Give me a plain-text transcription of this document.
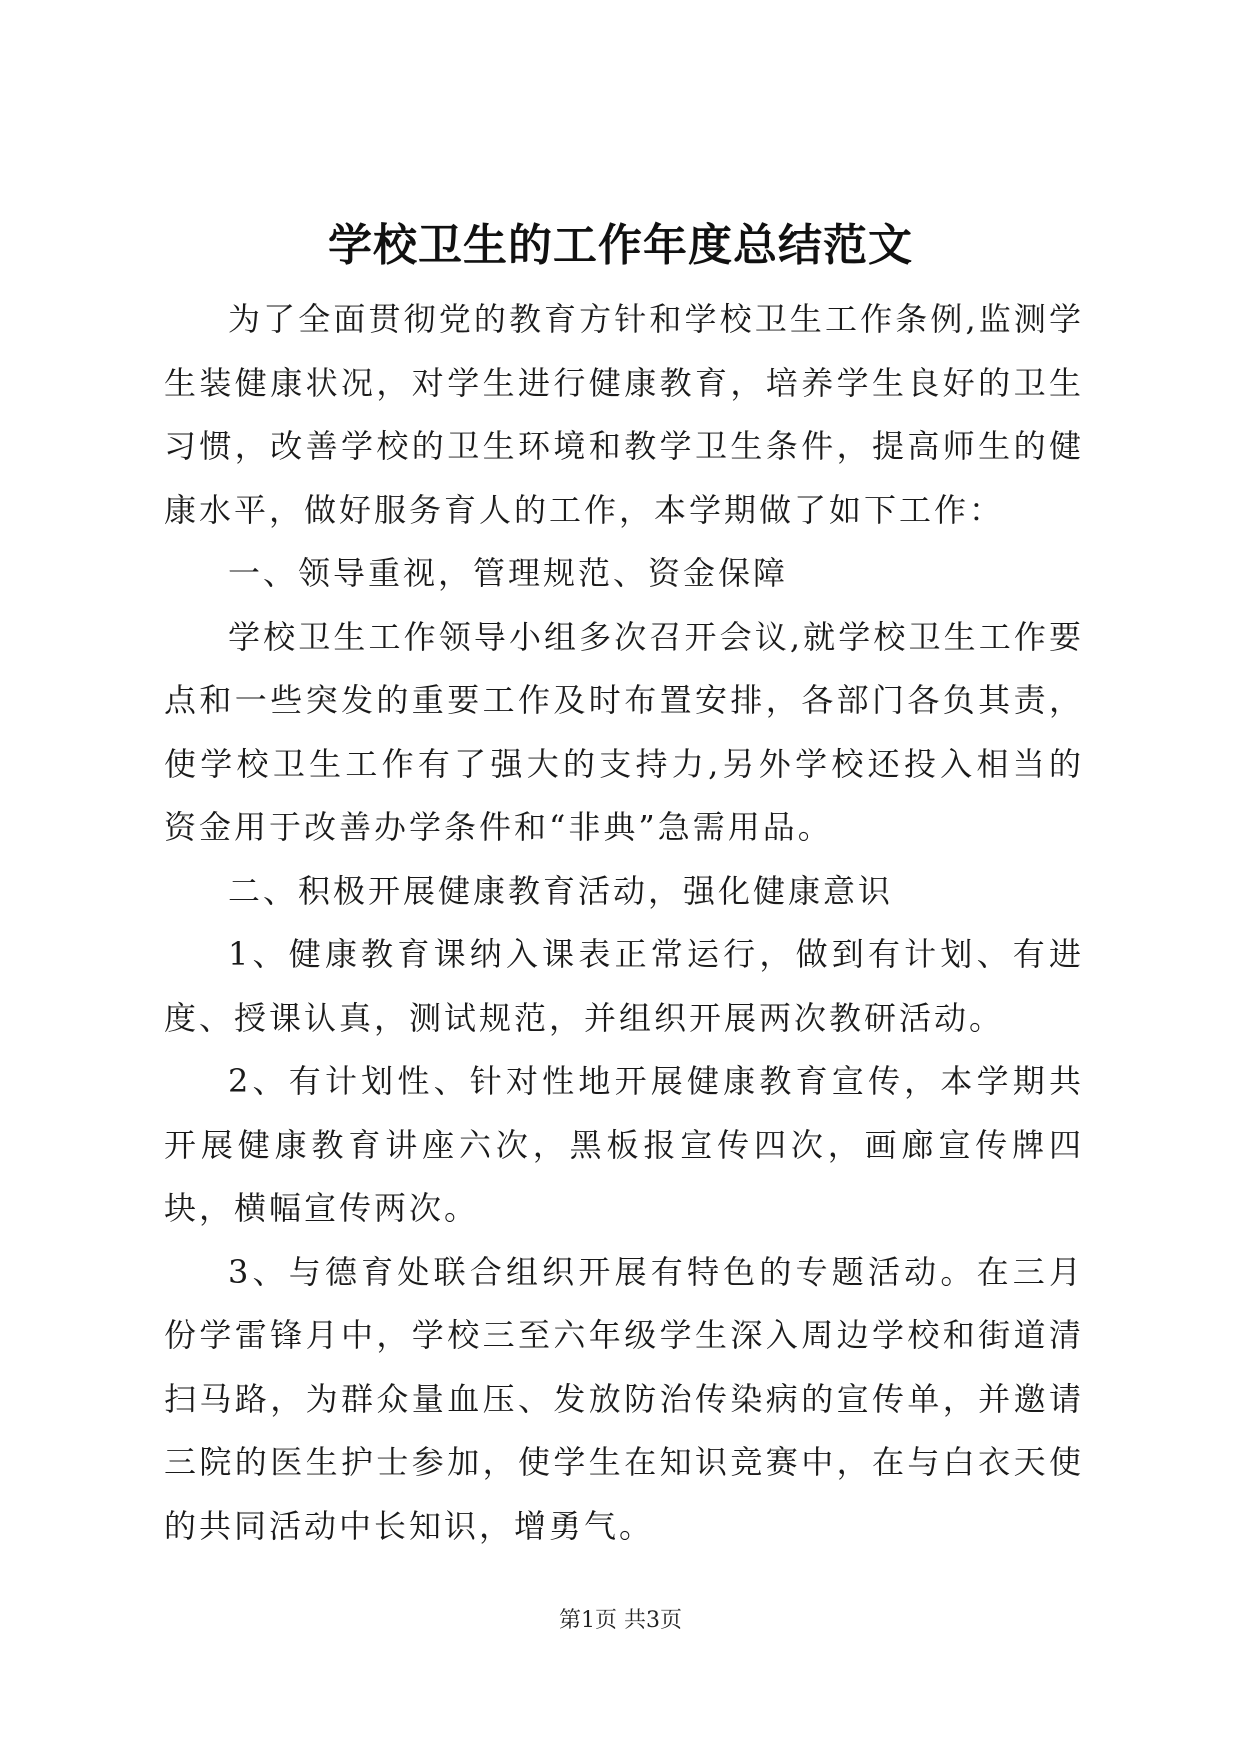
学校卫生的工作年度总结范文

为了全面贯彻党的教育方针和学校卫生工作条例,监测学生装健康状况，对学生进行健康教育，培养学生良好的卫生习惯，改善学校的卫生环境和教学卫生条件，提高师生的健康水平，做好服务育人的工作，本学期做了如下工作：

一、领导重视，管理规范、资金保障

学校卫生工作领导小组多次召开会议,就学校卫生工作要点和一些突发的重要工作及时布置安排，各部门各负其责，使学校卫生工作有了强大的支持力,另外学校还投入相当的资金用于改善办学条件和“非典”急需用品。

二、积极开展健康教育活动，强化健康意识

1、健康教育课纳入课表正常运行，做到有计划、有进度、授课认真，测试规范，并组织开展两次教研活动。

2、有计划性、针对性地开展健康教育宣传，本学期共开展健康教育讲座六次，黑板报宣传四次，画廊宣传牌四块，横幅宣传两次。

3、与德育处联合组织开展有特色的专题活动。在三月份学雷锋月中，学校三至六年级学生深入周边学校和街道清扫马路，为群众量血压、发放防治传染病的宣传单，并邀请三院的医生护士参加，使学生在知识竞赛中，在与白衣天使的共同活动中长知识，增勇气。

第1页 共3页
